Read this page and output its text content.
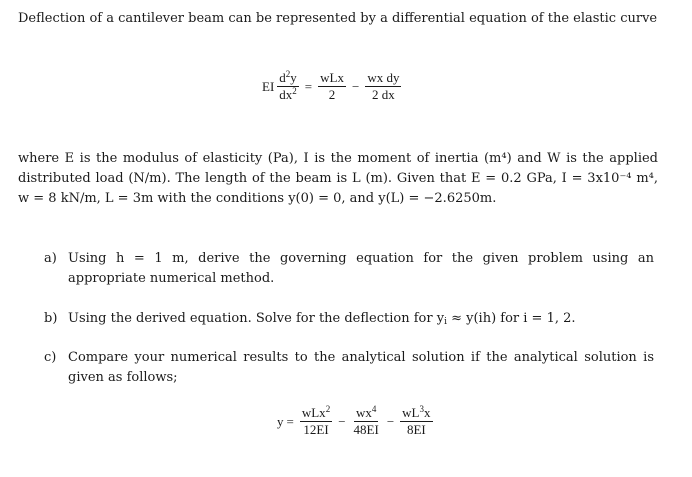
Deflection of a cantilever beam can be represented by a differential equation of the elastic curve
EI $\frac{d^2y}{dx^2} = \frac{\text{wLx}}{2} - \frac{\text{wx dy}}{2 dx}$
where E is the modulus of elasticity (Pa), I is the moment of inertia (m⁴) and W is the applied distributed load (N/m). The length of the beam is L (m). Given that E = 0.2 GPa, I = 3x10⁻⁴ m⁴, w = 8 kN/m, L = 3m with the conditions y(0) = 0, and y(L) = −2.6250m.
a) Using h = 1 m, derive the governing equation for the given problem using an appropriate numerical method.
b) Using the derived equation. Solve for the deflection for $y_i \approx y(ih)$ for i = 1, 2.
c) Compare your numerical results to the analytical solution if the analytical solution is given as follows;
$y = \frac{wLx^2}{12EI} - \frac{wx^4}{48EI} - \frac{wL^3x}{8EI}$
